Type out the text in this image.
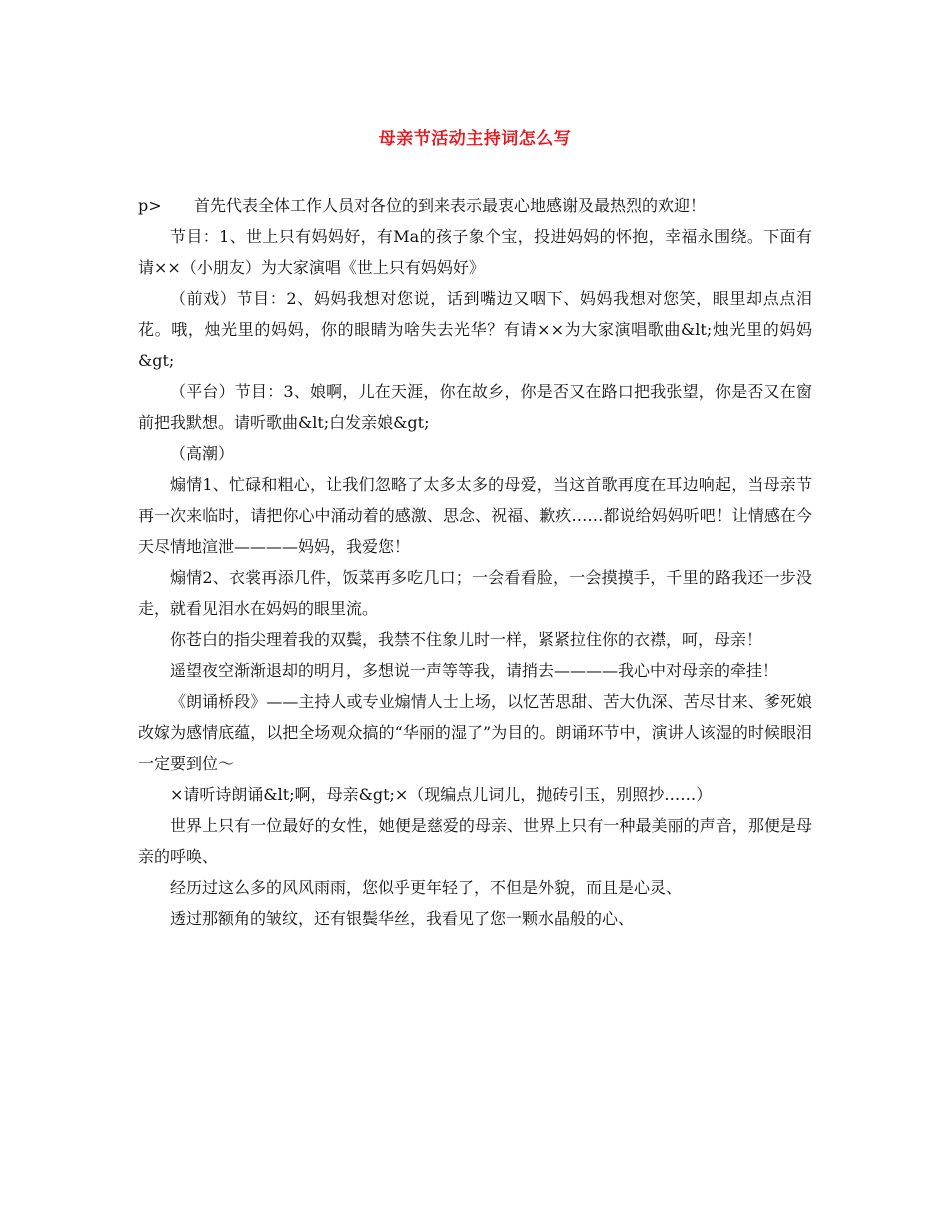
母亲节活动主持词怎么写

p> 首先代表全体工作人员对各位的到来表示最衷心地感谢及最热烈的欢迎！

节目：1、世上只有妈妈好，有Ma的孩子象个宝，投进妈妈的怀抱，幸福永围绕。下面有请××（小朋友）为大家演唱《世上只有妈妈好》

（前戏）节目：2、妈妈我想对您说，话到嘴边又咽下、妈妈我想对您笑，眼里却点点泪花。哦，烛光里的妈妈，你的眼睛为啥失去光华？有请××为大家演唱歌曲&lt;烛光里的妈妈&gt;

（平台）节目：3、娘啊，儿在天涯，你在故乡，你是否又在路口把我张望，你是否又在窗前把我默想。请听歌曲&lt;白发亲娘&gt;

（高潮）

煽情1、忙碌和粗心，让我们忽略了太多太多的母爱，当这首歌再度在耳边响起，当母亲节再一次来临时，请把你心中涌动着的感激、思念、祝福、歉疚……都说给妈妈听吧！让情感在今天尽情地渲泄————妈妈，我爱您！

煽情2、衣裳再添几件，饭菜再多吃几口；一会看看脸，一会摸摸手，千里的路我还一步没走，就看见泪水在妈妈的眼里流。

你苍白的指尖理着我的双鬓，我禁不住象儿时一样，紧紧拉住你的衣襟，呵，母亲！

遥望夜空渐渐退却的明月，多想说一声等等我，请捎去————我心中对母亲的牵挂！

《朗诵桥段》——主持人或专业煽情人士上场，以忆苦思甜、苦大仇深、苦尽甘来、爹死娘改嫁为感情底蕴，以把全场观众搞的“华丽的湿了”为目的。朗诵环节中，演讲人该湿的时候眼泪一定要到位～

×请听诗朗诵&lt;啊，母亲&gt;×（现编点儿词儿，抛砖引玉，别照抄……）

世界上只有一位最好的女性，她便是慈爱的母亲、世界上只有一种最美丽的声音，那便是母亲的呼唤、

经历过这么多的风风雨雨，您似乎更年轻了，不但是外貌，而且是心灵、

透过那额角的皱纹，还有银鬓华丝，我看见了您一颗水晶般的心、
